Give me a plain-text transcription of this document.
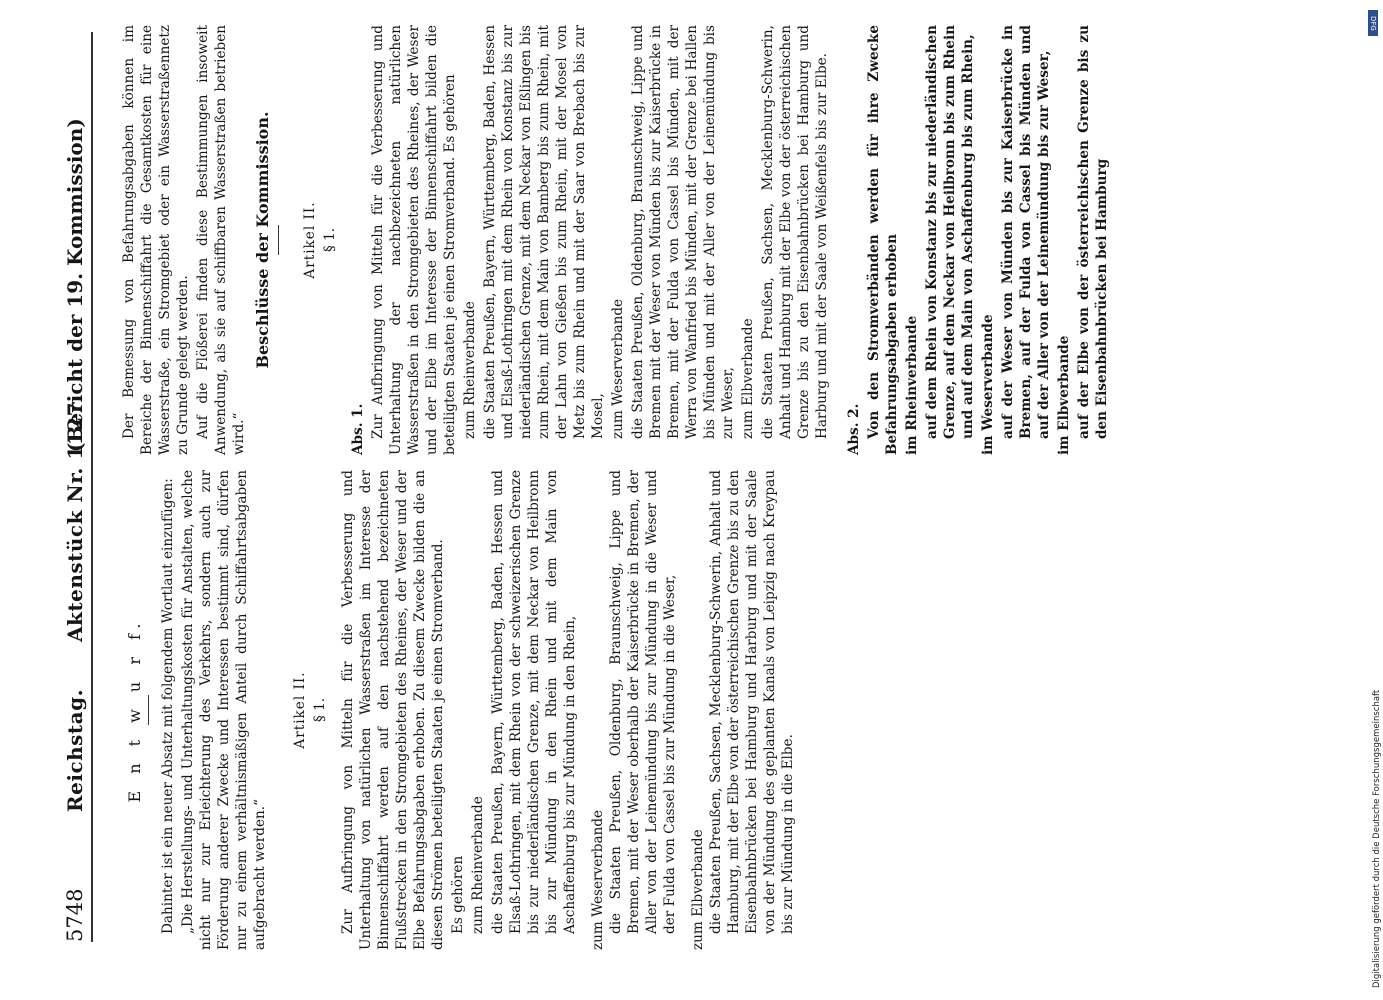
5748
Reichstag.
Aktenstück Nr. 1127.
(Bericht der 19. Kommission)

E n t w u r f. Dahinter ist ein neuer Absatz mit folgendem Wortlaut einzufügen: „Die Herstellungs- und Unterhaltungskosten für Anstalten, welche nicht nur zur Erleichterung des Verkehrs, sondern auch zur Förderung anderer Zwecke und Interessen bestimmt sind, dürfen nur zu einem verhältnismäßigen Anteil durch Schiffahrtsabgaben aufgebracht werden.“

Artikel II. § 1. Zur Aufbringung von Mitteln für die Verbesserung und Unterhaltung von natürlichen Wasserstraßen im Interesse der Binnenschiffahrt werden auf den nachstehend bezeichneten Flußstrecken in den Stromgebieten des Rheines, der Weser und der Elbe Befahrungsabgaben erhoben. Zu diesem Zwecke bilden die an diesen Strömen beteiligten Staaten je einen Stromverband. Es gehören zum Rheinverbande die Staaten Preußen, Bayern, Württemberg, Baden, Hessen und Elsaß-Lothringen, mit dem Rhein von der schweizerischen Grenze bis zur niederländischen Grenze, mit dem Neckar von Heilbronn bis zur Mündung in den Rhein und mit dem Main von Aschaffenburg bis zur Mündung in den Rhein, zum Weserverbande die Staaten Preußen, Oldenburg, Braunschweig, Lippe und Bremen, mit der Weser oberhalb der Kaiserbrücke in Bremen, der Aller von der Leinemündung bis zur Mündung in die Weser und der Fulda von Cassel bis zur Mündung in die Weser, zum Elbverbande die Staaten Preußen, Sachsen, Mecklenburg-Schwerin, Anhalt und Hamburg, mit der Elbe von der österreichischen Grenze bis zu den Eisenbahnbrücken bei Hamburg und Harburg und mit der Saale von der Mündung des geplanten Kanals von Leipzig nach Kreypau bis zur Mündung in die Elbe.

Der Bemessung von Befahrungsabgaben können im Bereiche der Binnenschiffahrt die Gesamtkosten für eine Wasserstraße, ein Stromgebiet oder ein Wasserstraßennetz zu Grunde gelegt werden. Auf die Flößerei finden diese Bestimmungen insoweit Anwendung, als sie auf schiffbaren Wasserstraßen betrieben wird.“

Beschlüsse der Kommission. Artikel II. § 1.

Abs. 1. Zur Aufbringung von Mitteln für die Verbesserung und Unterhaltung der nachbezeichneten natürlichen Wasserstraßen in den Stromgebieten des Rheines, der Weser und der Elbe im Interesse der Binnenschiffahrt bilden die beteiligten Staaten je einen Stromverband. Es gehören zum Rheinverbande die Staaten Preußen, Bayern, Württemberg, Baden, Hessen und Elsaß-Lothringen mit dem Rhein von Konstanz bis zur niederländischen Grenze, mit dem Neckar von Eßlingen bis zum Rhein, mit dem Main von Bamberg bis zum Rhein, mit der Lahn von Gießen bis zum Rhein, mit der Mosel von Metz bis zum Rhein und mit der Saar von Brebach bis zur Mosel, zum Weserverbande die Staaten Preußen, Oldenburg, Braunschweig, Lippe und Bremen mit der Weser von Münden bis zur Kaiserbrücke in Bremen, mit der Fulda von Cassel bis Münden, mit der Werra von Wanfried bis Münden, mit der Grenze bei Hallen bis Münden und mit der Aller von der Leinemündung bis zur Weser, zum Elbverbande die Staaten Preußen, Sachsen, Mecklenburg-Schwerin, Anhalt und Hamburg mit der Elbe von der österreichischen Grenze bis zu den Eisenbahnbrücken bei Hamburg und Harburg und mit der Saale von Weißenfels bis zur Elbe. Abs. 2. Von den Stromverbänden werden für ihre Zwecke Befahrungsabgaben erhoben im Rheinverbande auf dem Rhein von Konstanz bis zur niederländischen Grenze, auf dem Neckar von Heilbronn bis zum Rhein und auf dem Main von Aschaffenburg bis zum Rhein, im Weserverbande auf der Weser von Münden bis zur Kaiserbrücke in Bremen, auf der Fulda von Cassel bis Münden und auf der Aller von der Leinemündung bis zur Weser, im Elbverbande auf der Elbe von der österreichischen Grenze bis zu den Eisenbahnbrücken bei Hamburg

DFG
Digitalisierung gefördert durch die Deutsche Forschungsgemeinschaft
